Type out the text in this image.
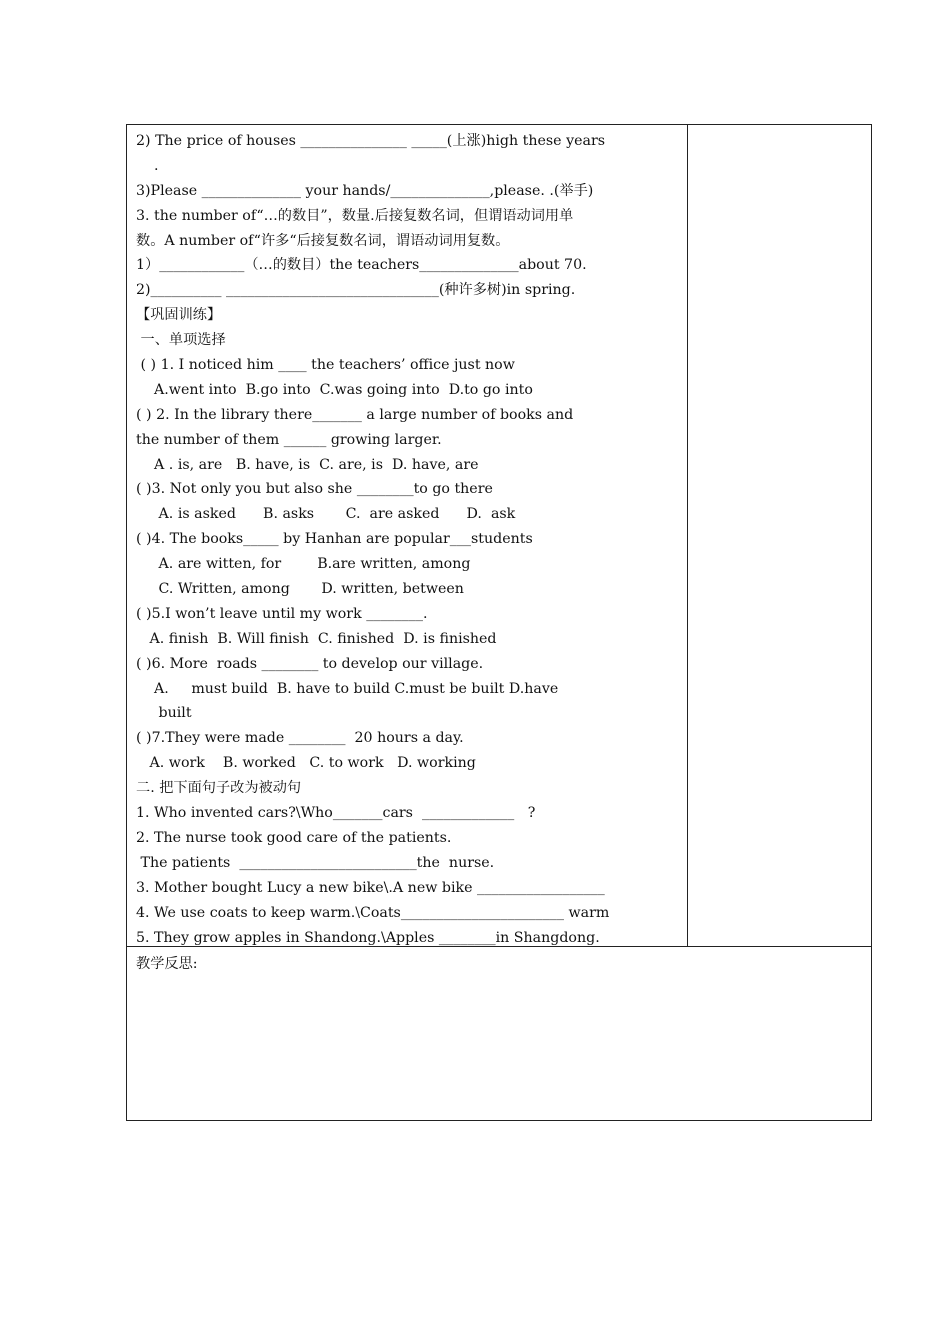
2) The price of houses _______________ _____(上涨)high these years
.
3)Please ______________ your hands/______________,please. .(举手)
3. the number of“…的数目”，数量.后接复数名词，但谓语动词用单
数。A number of“许多“后接复数名词，谓语动词用复数。
1）____________（…的数目）the teachers______________about 70.
2)__________ ______________________________(种许多树)in spring.
【巩固训练】
一、单项选择
( ) 1. I noticed him ____ the teachers’ office just now
A.went into  B.go into  C.was going into  D.to go into
( ) 2. In the library there_______ a large number of books and
the number of them ______ growing larger.
A . is, are   B. have, is  C. are, is  D. have, are
( )3. Not only you but also she ________to go there
A. is asked      B. asks       C.  are asked      D.  ask
( )4. The books_____ by Hanhan are popular___students
A. are witten, for        B.are written, among
C. Written, among       D. written, between
( )5.I won’t leave until my work ________.
A. finish  B. Will finish  C. finished  D. is finished
( )6. More  roads ________ to develop our village.
A.     must build  B. have to build C.must be built D.have
built
( )7.They were made ________  20 hours a day.
A. work    B. worked   C. to work   D. working
二. 把下面句子改为被动句
1. Who invented cars?\Who_______cars  _____________   ?
2. The nurse took good care of the patients.
The patients  _________________________the  nurse.
3. Mother bought Lucy a new bike\.A new bike __________________
4. We use coats to keep warm.\Coats_______________________ warm
5. They grow apples in Shandong.\Apples ________in Shangdong.
教学反思:
